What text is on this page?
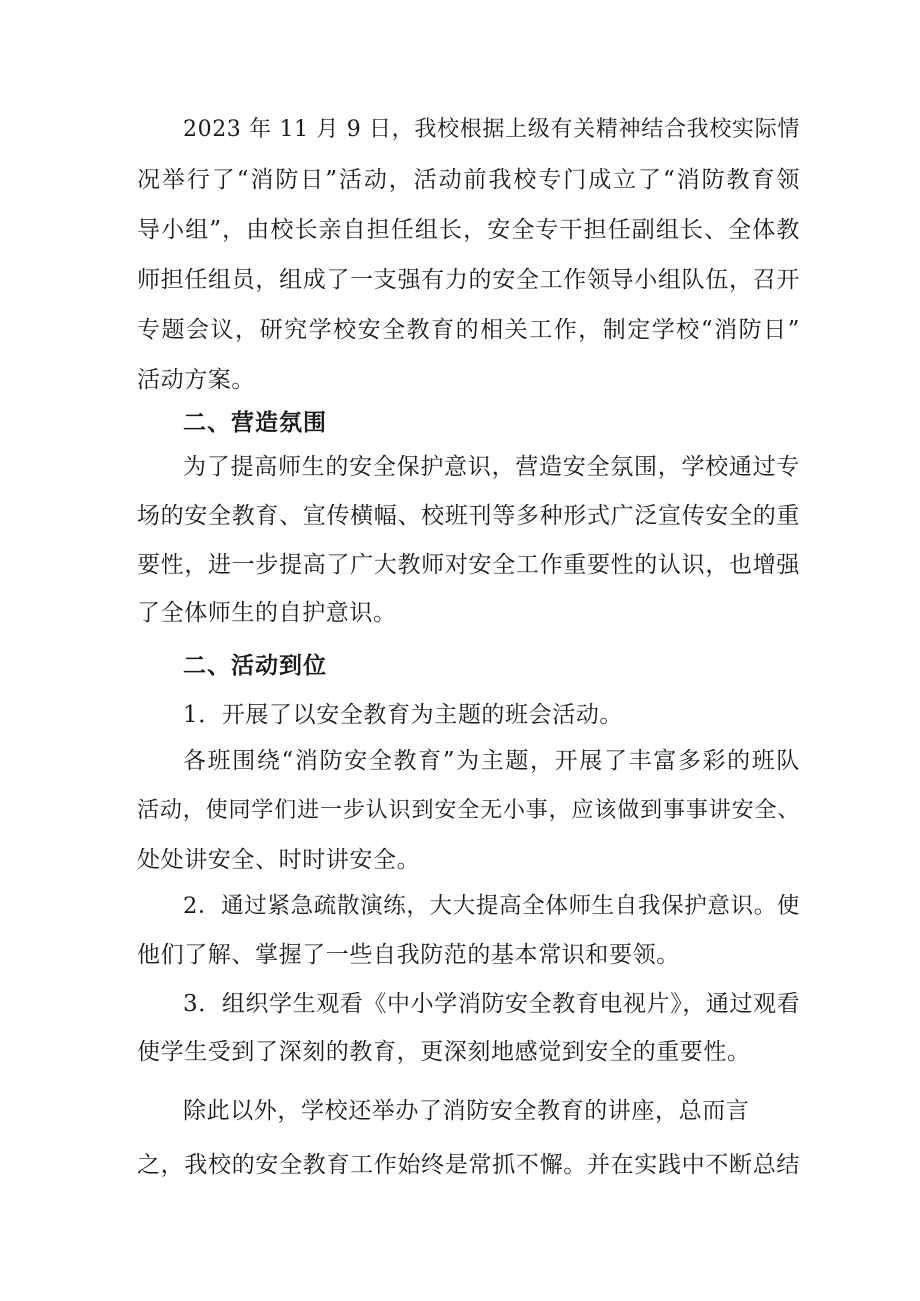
2023 年 11 月 9 日，我校根据上级有关精神结合我校实际情
况举行了“消防日”活动，活动前我校专门成立了“消防教育领
导小组”，由校长亲自担任组长，安全专干担任副组长、全体教
师担任组员，组成了一支强有力的安全工作领导小组队伍，召开
专题会议，研究学校安全教育的相关工作，制定学校“消防日”
活动方案。
二、营造氛围
为了提高师生的安全保护意识，营造安全氛围，学校通过专
场的安全教育、宣传横幅、校班刊等多种形式广泛宣传安全的重
要性，进一步提高了广大教师对安全工作重要性的认识，也增强
了全体师生的自护意识。
二、活动到位
1．开展了以安全教育为主题的班会活动。
各班围绕“消防安全教育”为主题，开展了丰富多彩的班队
活动，使同学们进一步认识到安全无小事，应该做到事事讲安全、
处处讲安全、时时讲安全。
2．通过紧急疏散演练，大大提高全体师生自我保护意识。使
他们了解、掌握了一些自我防范的基本常识和要领。
3．组织学生观看《中小学消防安全教育电视片》，通过观看
使学生受到了深刻的教育，更深刻地感觉到安全的重要性。
除此以外，学校还举办了消防安全教育的讲座，总而言
之，我校的安全教育工作始终是常抓不懈。并在实践中不断总结
